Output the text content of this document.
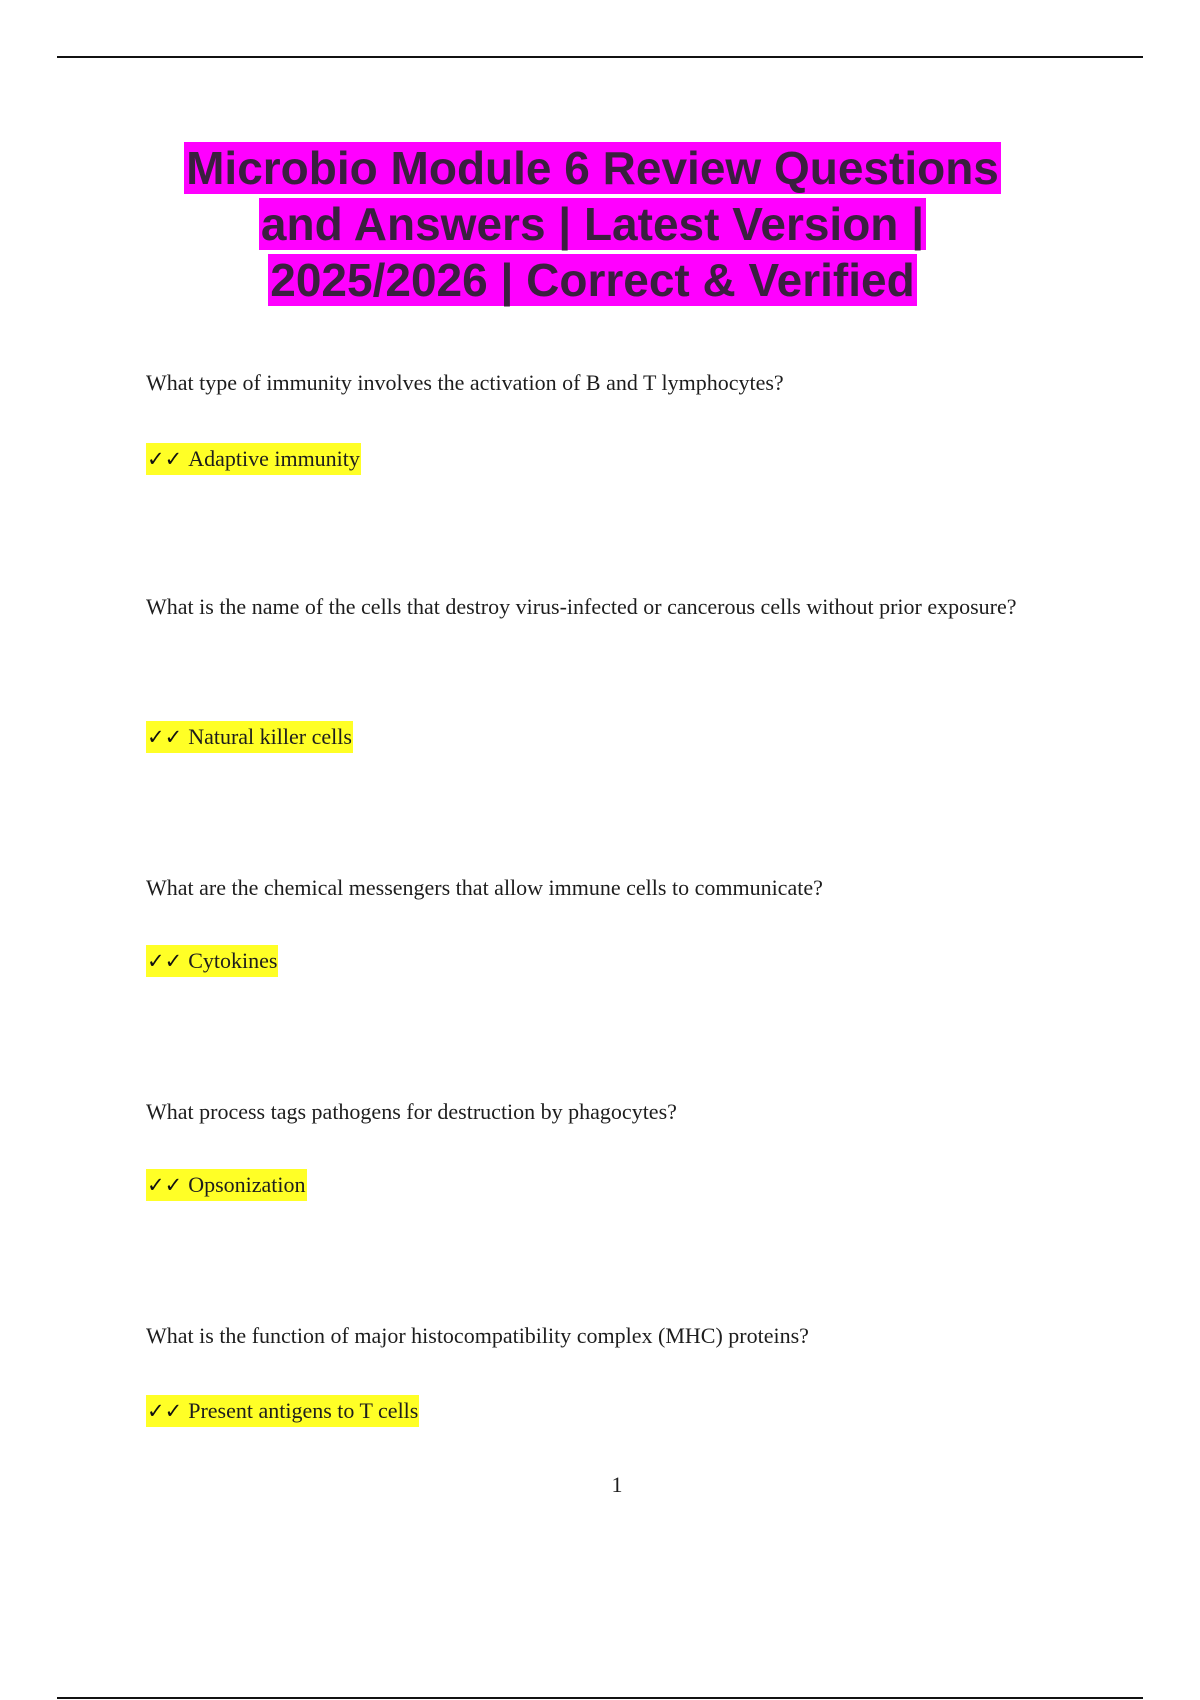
Microbio Module 6 Review Questions
and Answers | Latest Version |
2025/2026 | Correct & Verified
What type of immunity involves the activation of B and T lymphocytes?
✓✓ Adaptive immunity
What is the name of the cells that destroy virus-infected or cancerous cells without prior exposure?
✓✓ Natural killer cells
What are the chemical messengers that allow immune cells to communicate?
✓✓ Cytokines
What process tags pathogens for destruction by phagocytes?
✓✓ Opsonization
What is the function of major histocompatibility complex (MHC) proteins?
✓✓ Present antigens to T cells
1
